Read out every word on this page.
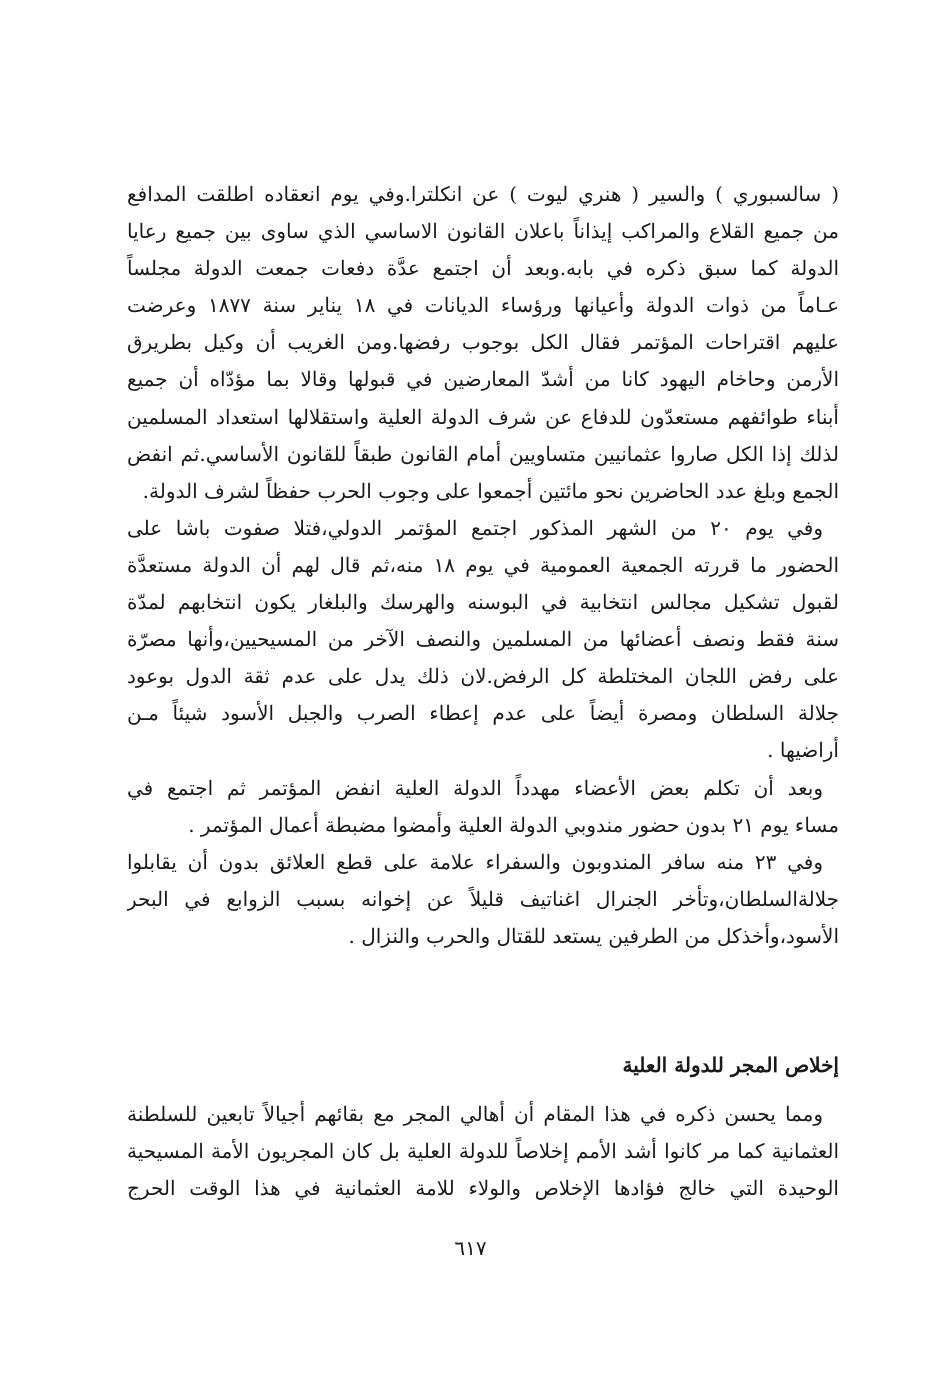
( سالسبوري ) والسير ( هنري ليوت ) عن انكلترا.وفي يوم انعقاده اطلقت المدافع
من جميع القلاع والمراكب إيذاناً باعلان القانون الاساسي الذي ساوى بين جميع رعايا
الدولة كما سبق ذكره في بابه.وبعد أن اجتمع عدَّة دفعات جمعت الدولة مجلساً
عـاماً من ذوات الدولة وأعيانها ورؤساء الديانات في ١٨ يناير سنة ١٨٧٧ وعرضت
عليهم اقتراحات المؤتمر فقال الكل بوجوب رفضها.ومن الغريب أن وكيل بطريرق
الأرمن وحاخام اليهود كانا من أشدّ المعارضين في قبولها وقالا بما مؤدّاه أن جميع
أبناء طوائفهم مستعدّون للدفاع عن شرف الدولة العلية واستقلالها استعداد المسلمين
لذلك إذا الكل صاروا عثمانيين متساويين أمام القانون طبقاً للقانون الأساسي.ثم انفض
الجمع وبلغ عدد الحاضرين نحو مائتين أجمعوا على وجوب الحرب حفظاً لشرف الدولة.
وفي يوم ٢٠ من الشهر المذكور اجتمع المؤتمر الدولي،فتلا صفوت باشا على
الحضور ما قررته الجمعية العمومية في يوم ١٨ منه،ثم قال لهم أن الدولة مستعدَّة
لقبول تشكيل مجالس انتخابية في البوسنه والهرسك والبلغار يكون انتخابهم لمدّة
سنة فقط ونصف أعضائها من المسلمين والنصف الآخر من المسيحيين،وأنها مصرّة
على رفض اللجان المختلطة كل الرفض.لان ذلك يدل على عدم ثقة الدول بوعود
جلالة السلطان ومصرة أيضاً على عدم إعطاء الصرب والجبل الأسود شيئاً مـن
أراضيها .
وبعد أن تكلم بعض الأعضاء مهدداً الدولة العلية انفض المؤتمر ثم اجتمع في
مساء يوم ٢١ بدون حضور مندوبي الدولة العلية وأمضوا مضبطة أعمال المؤتمر .
وفي ٢٣ منه سافر المندوبون والسفراء علامة على قطع العلائق بدون أن يقابلوا
جلالةالسلطان،وتأخر الجنرال اغناتيف قليلاً عن إخوانه بسبب الزوابع في البحر
الأسود،وأخذكل من الطرفين يستعد للقتال والحرب والنزال .
إخلاص المجر للدولة العلية
ومما يحسن ذكره في هذا المقام أن أهالي المجر مع بقائهم أجيالاً تابعين للسلطنة
العثمانية كما مر كانوا أشد الأمم إخلاصاً للدولة العلية بل كان المجريون الأمة المسيحية
الوحيدة التي خالج فؤادها الإخلاص والولاء للامة العثمانية في هذا الوقت الحرج
٦١٧
